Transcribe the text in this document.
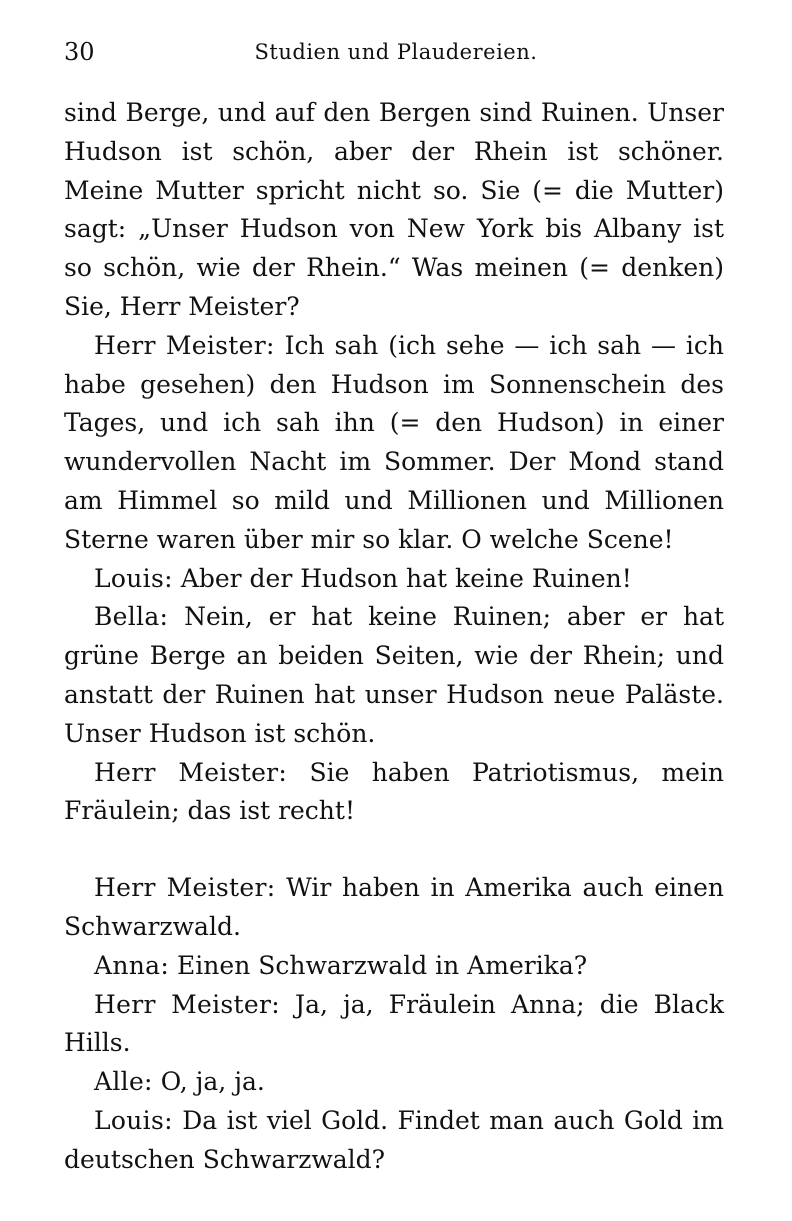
30	Studien und Plaudereien.

sind Berge, und auf den Bergen sind Ruinen. Unser Hudson ist schön, aber der Rhein ist schöner. Meine Mutter spricht nicht so. Sie (= die Mutter) sagt: „Unser Hudson von New York bis Albany ist so schön, wie der Rhein.“ Was meinen (= denken) Sie, Herr Meister?

Herr Meister: Ich sah (ich sehe — ich sah — ich habe gesehen) den Hudson im Sonnenschein des Tages, und ich sah ihn (= den Hudson) in einer wundervollen Nacht im Sommer. Der Mond stand am Himmel so mild und Millionen und Millionen Sterne waren über mir so klar. O welche Scene!

Louis: Aber der Hudson hat keine Ruinen!

Bella: Nein, er hat keine Ruinen; aber er hat grüne Berge an beiden Seiten, wie der Rhein; und anstatt der Ruinen hat unser Hudson neue Paläste. Unser Hudson ist schön.

Herr Meister: Sie haben Patriotismus, mein Fräulein; das ist recht!

Herr Meister: Wir haben in Amerika auch einen Schwarzwald.

Anna: Einen Schwarzwald in Amerika?

Herr Meister: Ja, ja, Fräulein Anna; die Black Hills.

Alle: O, ja, ja.

Louis: Da ist viel Gold. Findet man auch Gold im deutschen Schwarzwald?
